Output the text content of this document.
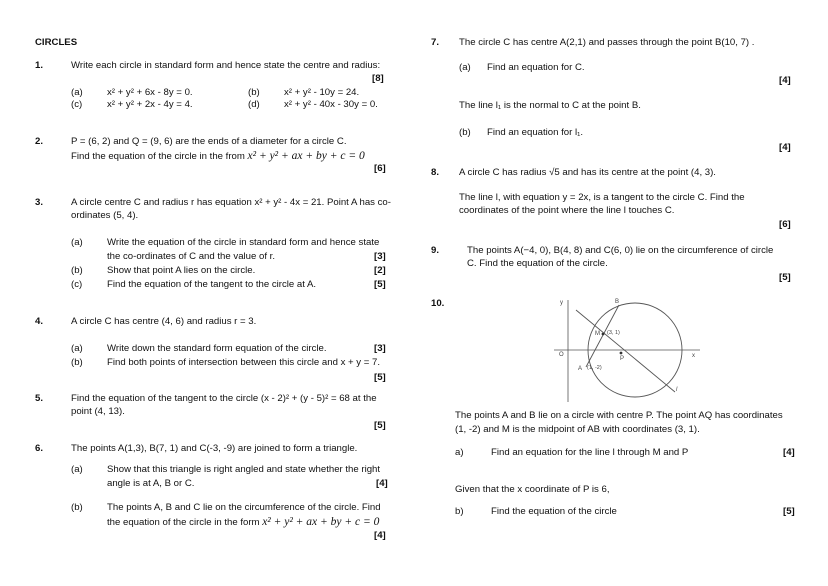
CIRCLES
1.	Write each circle in standard form and hence state the centre and radius:
[8]
(a)	x² + y² + 6x - 8y = 0.	(b)	x² + y² - 10y = 24.
(c)	x² + y² + 2x - 4y = 4.	(d)	x² + y² - 40x - 30y = 0.
2.	P = (6, 2) and Q = (9, 6) are the ends of a diameter for a circle C.
Find the equation of the circle in the from x² + y² + ax + by + c = 0
[6]
3.	A circle centre C and radius r has equation x² + y² - 4x = 21. Point A has co-
ordinates (5, 4).
(a)	Write the equation of the circle in standard form and hence state
the co-ordinates of C and the value of r.	[3]
(b)	Show that point A lies on the circle.	[2]
(c)	Find the equation of the tangent to the circle at A.	[5]
4.	A circle C has centre (4, 6) and radius r = 3.
(a)	Write down the standard form equation of the circle.	[3]
(b)	Find both points of intersection between this circle and x + y = 7.
[5]
5.	Find the equation of the tangent to the circle (x - 2)² + (y - 5)² = 68 at the
point (4, 13).
[5]
6.	The points A(1,3), B(7, 1) and C(-3, -9) are joined to form a triangle.
(a)	Show that this triangle is right angled and state whether the right
angle is at A, B or C.	[4]
(b)	The points A, B and C lie on the circumference of the circle. Find
the equation of the circle in the form x² + y² + ax + by + c = 0
[4]
7. The circle C has centre A(2,1) and passes through the point B(10, 7) .
(a) Find an equation for C.
[4]
The line l₁ is the normal to C at the point B.
(b) Find an equation for l₁.
[4]
8. A circle C has radius √5 and has its centre at the point (4, 3).
The line l, with equation y = 2x, is a tangent to the circle C. Find the
coordinates of the point where the line l touches C.
[6]
9.	The points A(−4, 0), B(4, 8) and C(6, 0) lie on the circumference of circle
C. Find the equation of the circle.
[5]
10.	y
x
O
B
M (3, 1)
P
A (1, -2)
l
The points A and B lie on a circle with centre P. The point AQ has coordinates
(1, -2) and M is the midpoint of AB with coordinates (3, 1).
a)	Find an equation for the line l through M and P	[4]
Given that the x coordinate of P is 6,
b)	Find the equation of the circle	[5]
